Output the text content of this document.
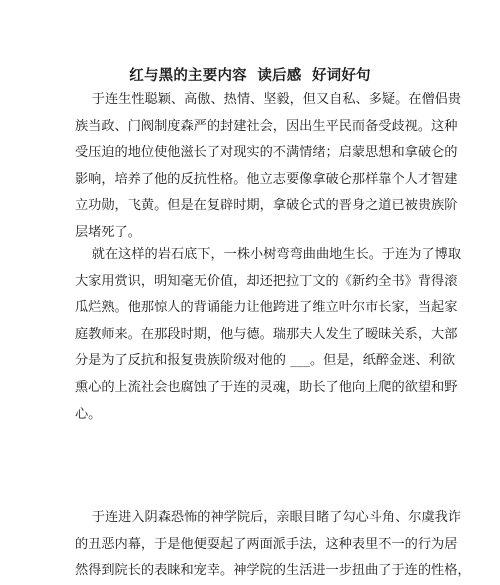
红与黑的主要内容  读后感  好词好句
于连生性聪颖、高傲、热情、坚毅，但又自私、多疑。在僧侣贵
族当政、门阀制度森严的封建社会，因出生平民而备受歧视。这种
受压迫的地位使他滋长了对现实的不满情绪；启蒙思想和拿破仑的
影响，培养了他的反抗性格。他立志要像拿破仑那样靠个人才智建
立功勋，飞黄。但是在复辟时期，拿破仑式的晋身之道已被贵族阶
层堵死了。
就在这样的岩石底下，一株小树弯弯曲曲地生长。于连为了博取
大家用赏识，明知毫无价值，却还把拉丁文的《新约全书》背得滚
瓜烂熟。他那惊人的背诵能力让他跨进了维立叶尔市长家，当起家
庭教师来。在那段时期，他与德。瑞那夫人发生了暧昧关系，大部
分是为了反抗和报复贵族阶级对他的 ___。但是，纸醉金迷、利欲
熏心的上流社会也腐蚀了于连的灵魂，助长了他向上爬的欲望和野
心。
于连进入阴森恐怖的神学院后，亲眼目睹了勾心斗角、尔虞我诈
的丑恶内幕，于是他便耍起了两面派手法，这种表里不一的行为居
然得到院长的表睐和宠幸。神学院的生活进一步扭曲了于连的性格，
